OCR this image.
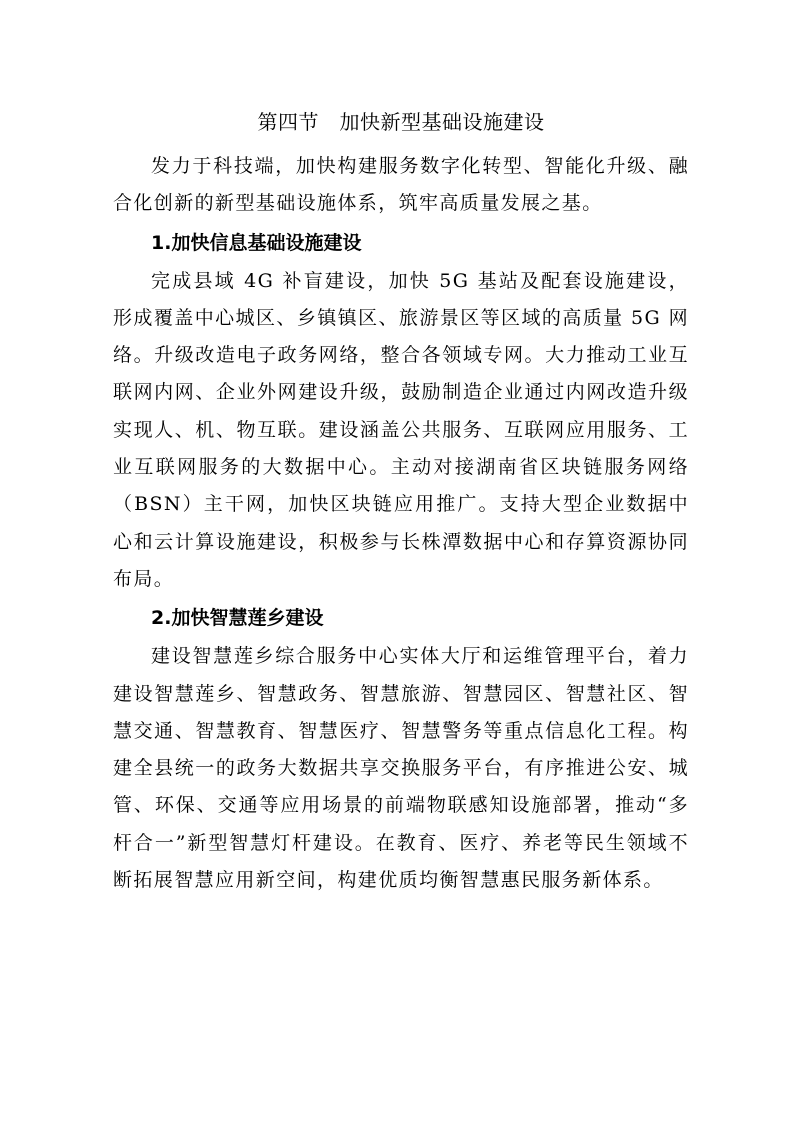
第四节　加快新型基础设施建设

发力于科技端，加快构建服务数字化转型、智能化升级、融合化创新的新型基础设施体系，筑牢高质量发展之基。

1.加快信息基础设施建设

完成县域 4G 补盲建设，加快 5G 基站及配套设施建设，形成覆盖中心城区、乡镇镇区、旅游景区等区域的高质量 5G 网络。升级改造电子政务网络，整合各领域专网。大力推动工业互联网内网、企业外网建设升级，鼓励制造企业通过内网改造升级实现人、机、物互联。建设涵盖公共服务、互联网应用服务、工业互联网服务的大数据中心。主动对接湖南省区块链服务网络（BSN）主干网，加快区块链应用推广。支持大型企业数据中心和云计算设施建设，积极参与长株潭数据中心和存算资源协同布局。

2.加快智慧莲乡建设

建设智慧莲乡综合服务中心实体大厅和运维管理平台，着力建设智慧莲乡、智慧政务、智慧旅游、智慧园区、智慧社区、智慧交通、智慧教育、智慧医疗、智慧警务等重点信息化工程。构建全县统一的政务大数据共享交换服务平台，有序推进公安、城管、环保、交通等应用场景的前端物联感知设施部署，推动“多杆合一”新型智慧灯杆建设。在教育、医疗、养老等民生领域不断拓展智慧应用新空间，构建优质均衡智慧惠民服务新体系。
